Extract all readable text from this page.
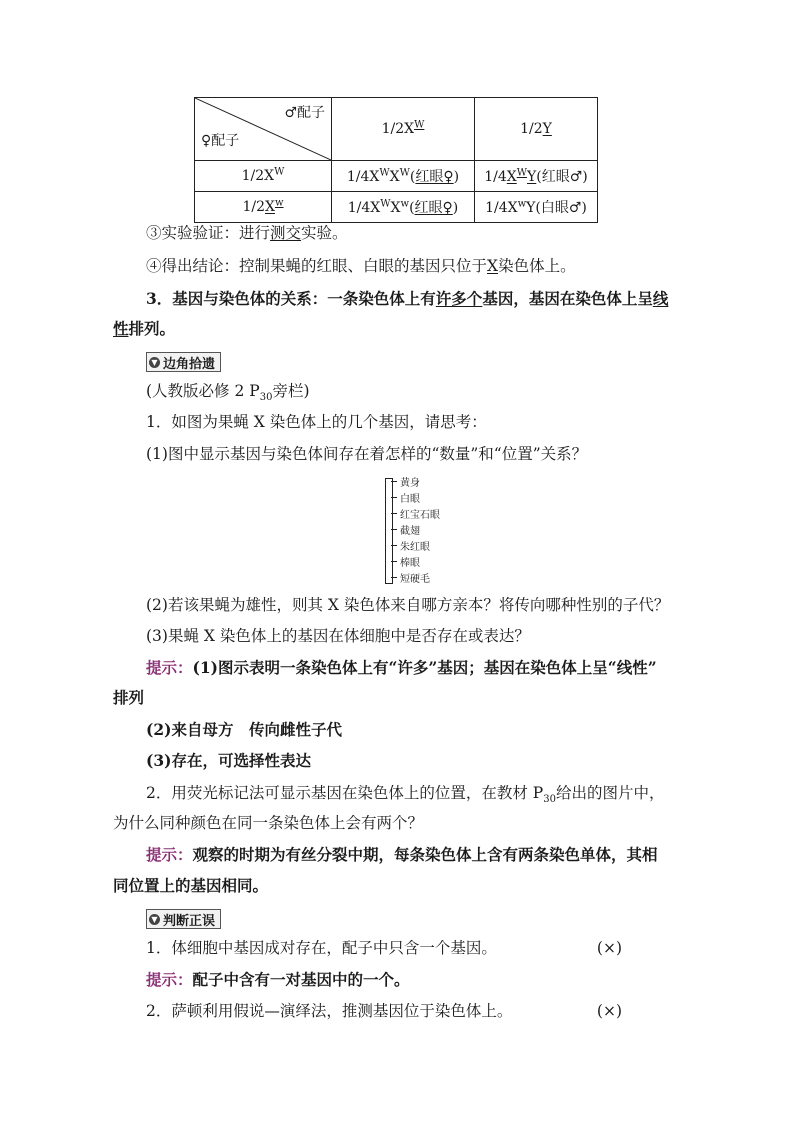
♂配子
♀配子	$1/2X^W$	1/2Y
$1/2X^W$	$1/4X^WX^W$(红眼♀)	$1/4X^WY$(红眼♂)
$1/2X^w$	$1/4X^WX^w$(红眼♀)	$1/4X^wY$(白眼♂)
③实验验证：进行测交实验。
④得出结论：控制果蝇的红眼、白眼的基因只位于X染色体上。
3．基因与染色体的关系：一条染色体上有许多个基因，基因在染色体上呈线
性排列。
▼ 边角拾遗
(人教版必修 2 $P_{30}$旁栏)
1．如图为果蝇 X 染色体上的几个基因，请思考：
(1)图中显示基因与染色体间存在着怎样的“数量”和“位置”关系？
黄身
白眼
红宝石眼
截翅
朱红眼
棒眼
短硬毛
(2)若该果蝇为雄性，则其 X 染色体来自哪方亲本？将传向哪种性别的子代？
(3)果蝇 X 染色体上的基因在体细胞中是否存在或表达？
提示：(1)图示表明一条染色体上有“许多”基因；基因在染色体上呈“线性”
排列
(2)来自母方　传向雌性子代
(3)存在，可选择性表达
2．用荧光标记法可显示基因在染色体上的位置，在教材 $P_{30}$给出的图片中，
为什么同种颜色在同一条染色体上会有两个？
提示：观察的时期为有丝分裂中期，每条染色体上含有两条染色单体，其相
同位置上的基因相同。
▼ 判断正误
1．体细胞中基因成对存在，配子中只含一个基因。	(×)
提示：配子中含有一对基因中的一个。
2．萨顿利用假说—演绎法，推测基因位于染色体上。	(×)
